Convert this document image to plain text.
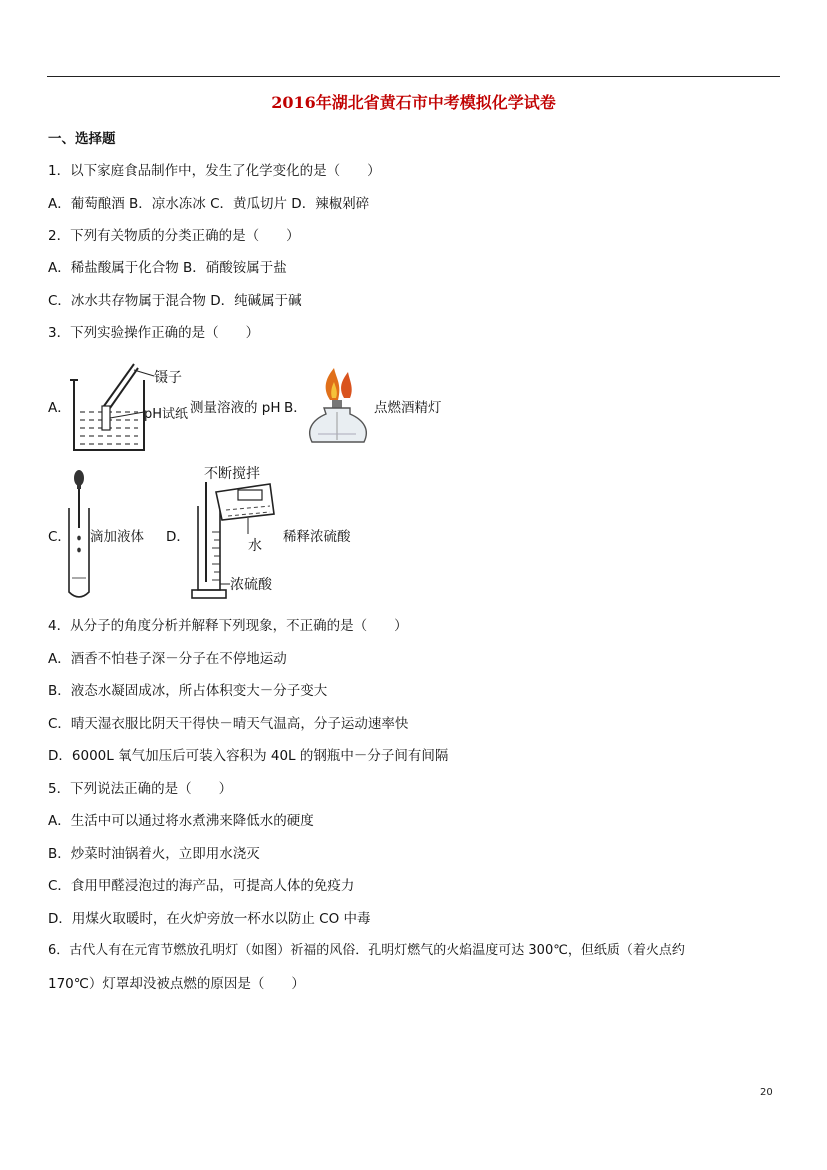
2016年湖北省黄石市中考模拟化学试卷
一、选择题
1．以下家庭食品制作中，发生了化学变化的是（　　）
A．葡萄酿酒 B．凉水冻冰 C．黄瓜切片 D．辣椒剁碎
2．下列有关物质的分类正确的是（　　）
A．稀盐酸属于化合物 B．硝酸铵属于盐
C．冰水共存物属于混合物 D．纯碱属于碱
3．下列实验操作正确的是（　　）
A．
镊子
pH试纸 测量溶液的 pH B．	点燃酒精灯
C． 滴加液体 D．
不断搅拌
水
浓硫酸
稀释浓硫酸
4．从分子的角度分析并解释下列现象，不正确的是（　　）
A．酒香不怕巷子深－分子在不停地运动
B．液态水凝固成冰，所占体积变大－分子变大
C．晴天湿衣服比阴天干得快－晴天气温高，分子运动速率快
D．6000L 氧气加压后可装入容积为 40L 的钢瓶中－分子间有间隔
5．下列说法正确的是（　　）
A．生活中可以通过将水煮沸来降低水的硬度
B．炒菜时油锅着火，立即用水浇灭
C．食用甲醛浸泡过的海产品，可提高人体的免疫力
D．用煤火取暖时，在火炉旁放一杯水以防止 CO 中毒
6．古代人有在元宵节燃放孔明灯（如图）祈福的风俗．孔明灯燃气的火焰温度可达 300℃，但纸质（着火点约
170℃）灯罩却没被点燃的原因是（　　）
20
